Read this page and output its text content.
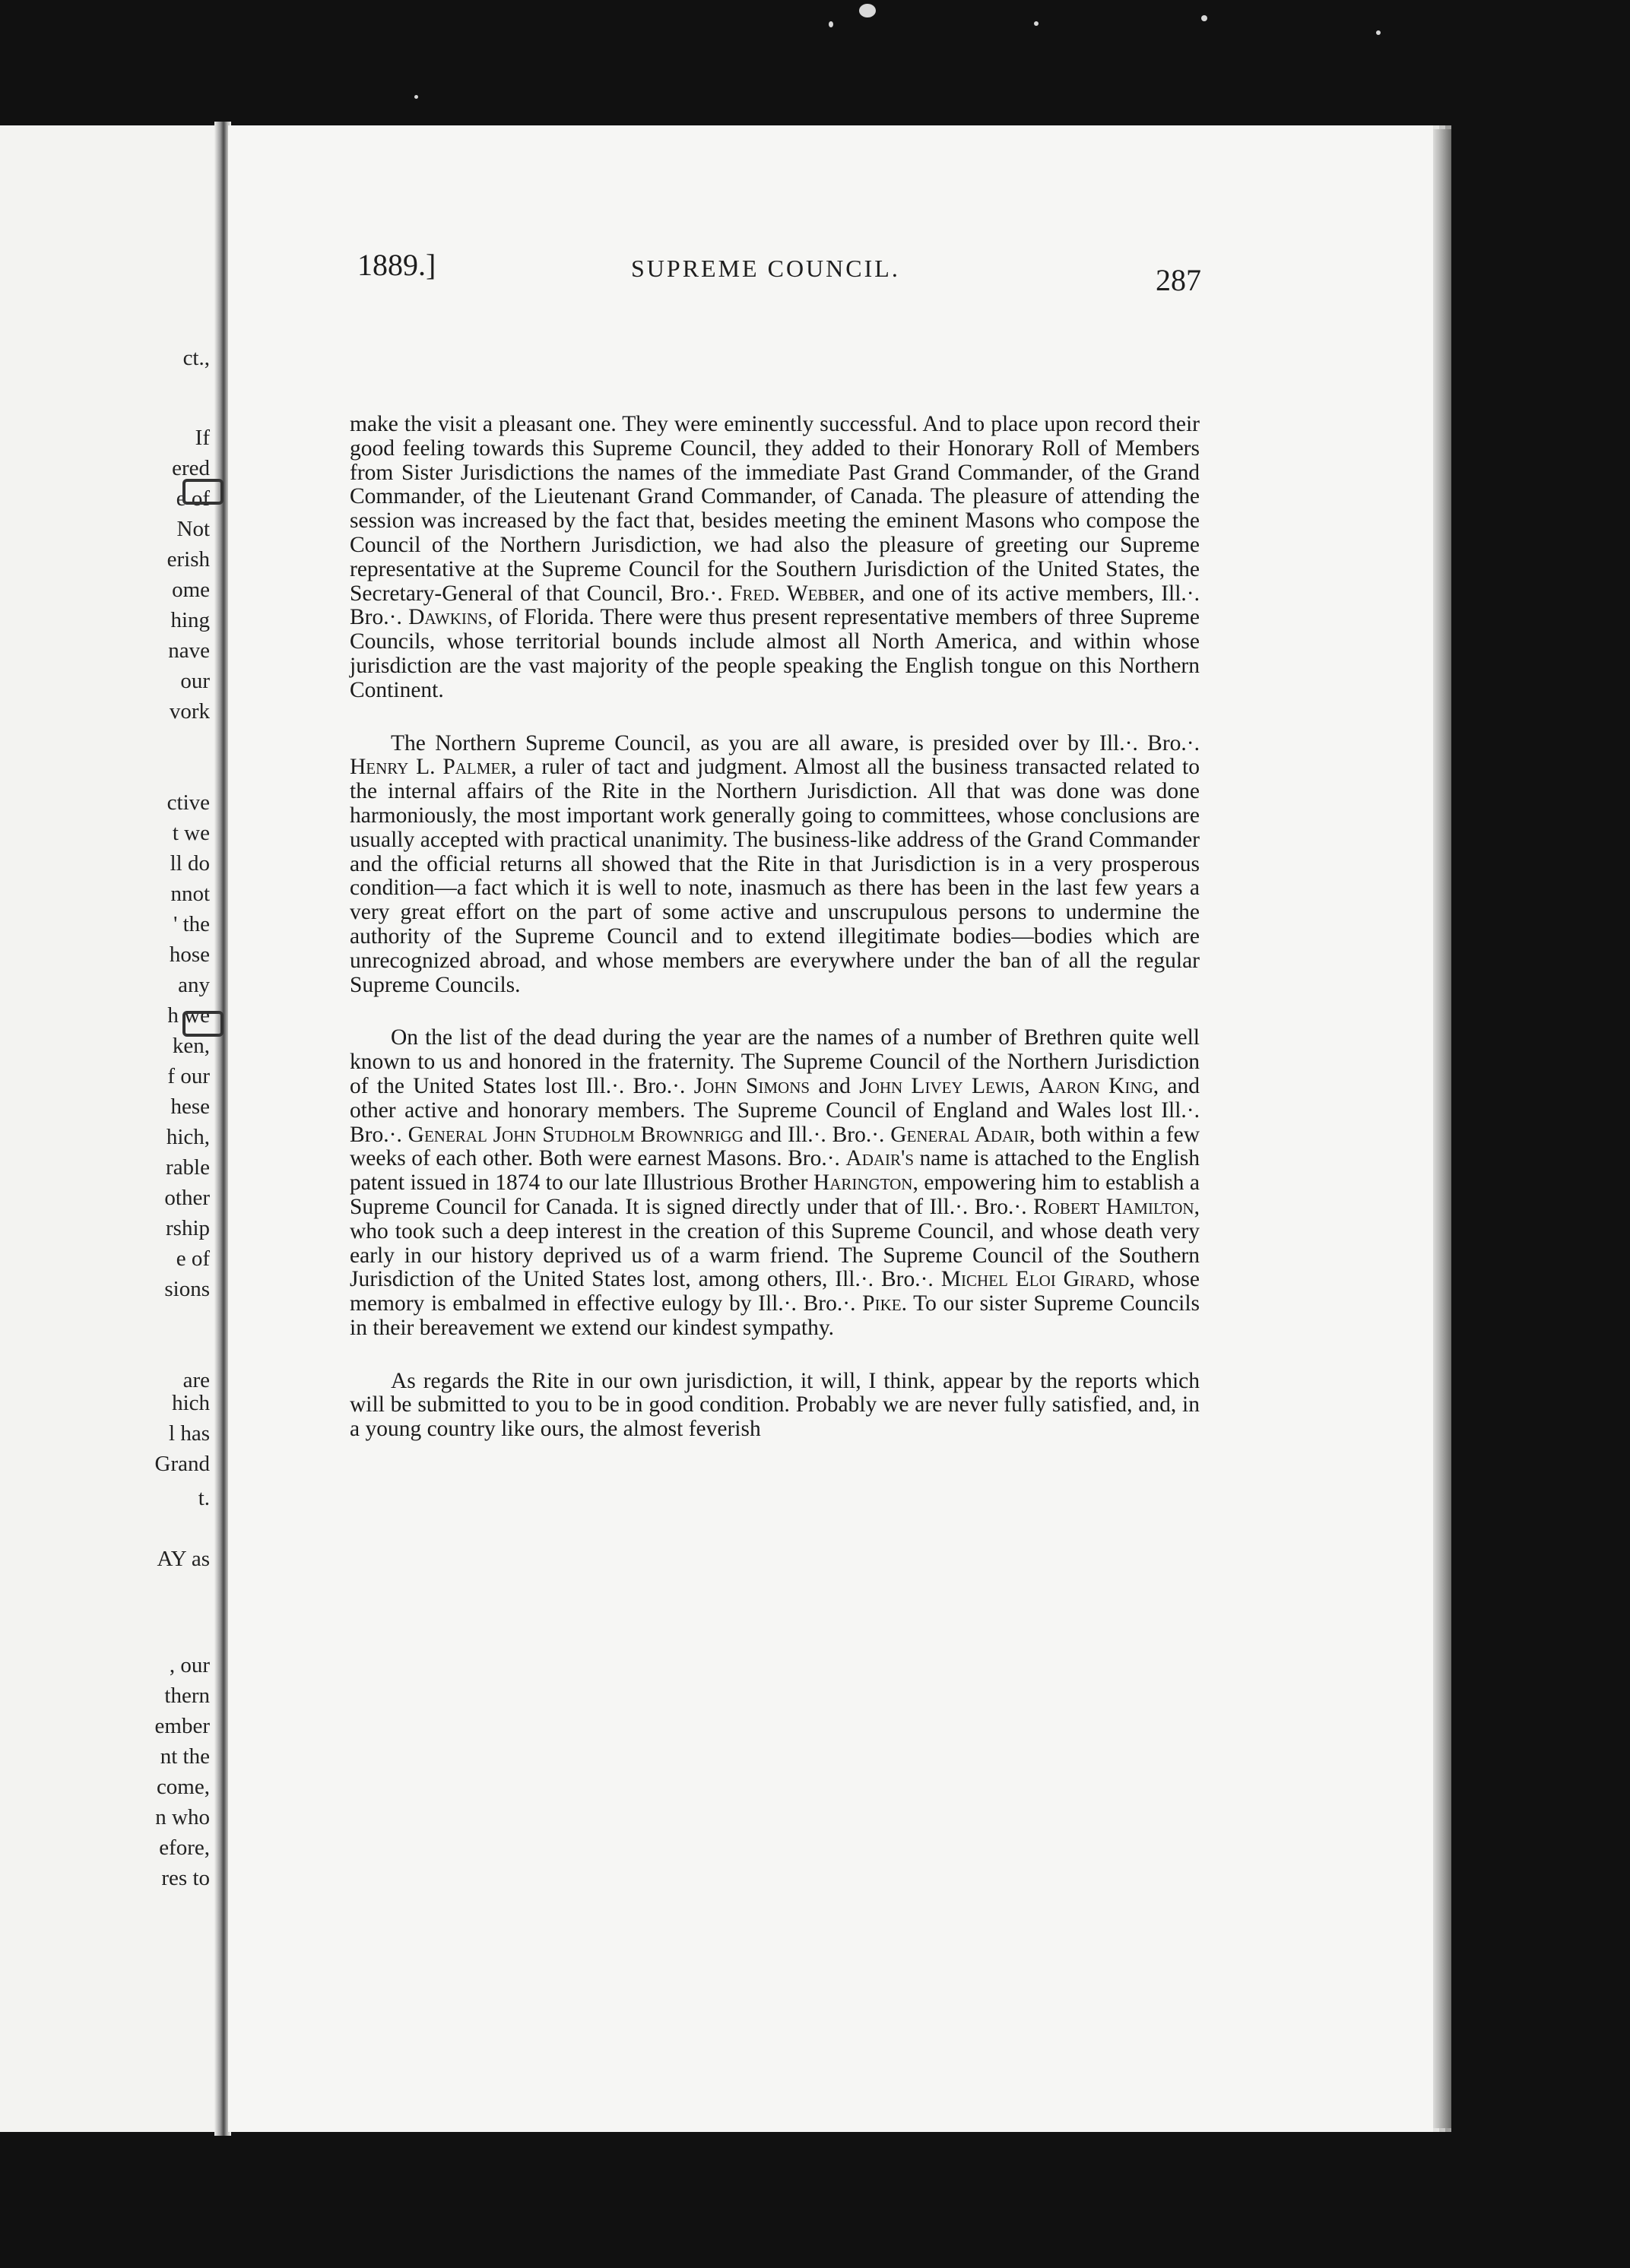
ct.,
If
ered
e of
Not
erish
ome
hing
nave
our
vork
ctive
t we
ll do
nnot
' the
hose
any
h we
ken,
f our
hese
hich,
rable
other
rship
e of
sions
are
hich
l has
Grand
t.
AY as
, our
thern
ember
nt the
come,
n who
efore,
res to
1889.]	SUPREME COUNCIL.	287

make the visit a pleasant one. They were eminently successful. And to place upon record their good feeling towards this Supreme Council, they added to their Honorary Roll of Members from Sister Jurisdictions the names of the immediate Past Grand Commander, of the Grand Commander, of the Lieutenant Grand Commander, of Canada. The pleasure of attending the session was increased by the fact that, besides meeting the eminent Masons who compose the Council of the Northern Jurisdiction, we had also the pleasure of greeting our Supreme representative at the Supreme Council for the Southern Jurisdiction of the United States, the Secretary-General of that Council, Bro.·. Fred. Webber, and one of its active members, Ill.·. Bro.·. Dawkins, of Florida. There were thus present representative members of three Supreme Councils, whose territorial bounds include almost all North America, and within whose jurisdiction are the vast majority of the people speaking the English tongue on this Northern Continent.

The Northern Supreme Council, as you are all aware, is presided over by Ill.·. Bro.·. Henry L. Palmer, a ruler of tact and judgment. Almost all the business transacted related to the internal affairs of the Rite in the Northern Jurisdiction. All that was done was done harmoniously, the most important work generally going to committees, whose conclusions are usually accepted with practical unanimity. The business-like address of the Grand Commander and the official returns all showed that the Rite in that Jurisdiction is in a very prosperous condition—a fact which it is well to note, inasmuch as there has been in the last few years a very great effort on the part of some active and unscrupulous persons to undermine the authority of the Supreme Council and to extend illegitimate bodies—bodies which are unrecognized abroad, and whose members are everywhere under the ban of all the regular Supreme Councils.

On the list of the dead during the year are the names of a number of Brethren quite well known to us and honored in the fraternity. The Supreme Council of the Northern Jurisdiction of the United States lost Ill.·. Bro.·. John Simons and John Livey Lewis, Aaron King, and other active and honorary members. The Supreme Council of England and Wales lost Ill.·. Bro.·. General John Studholm Brownrigg and Ill.·. Bro.·. General Adair, both within a few weeks of each other. Both were earnest Masons. Bro.·. Adair's name is attached to the English patent issued in 1874 to our late Illustrious Brother Harington, empowering him to establish a Supreme Council for Canada. It is signed directly under that of Ill.·. Bro.·. Robert Hamilton, who took such a deep interest in the creation of this Supreme Council, and whose death very early in our history deprived us of a warm friend. The Supreme Council of the Southern Jurisdiction of the United States lost, among others, Ill.·. Bro.·. Michel Eloi Girard, whose memory is embalmed in effective eulogy by Ill.·. Bro.·. Pike. To our sister Supreme Councils in their bereavement we extend our kindest sympathy.

As regards the Rite in our own jurisdiction, it will, I think, appear by the reports which will be submitted to you to be in good condition. Probably we are never fully satisfied, and, in a young country like ours, the almost feverish
